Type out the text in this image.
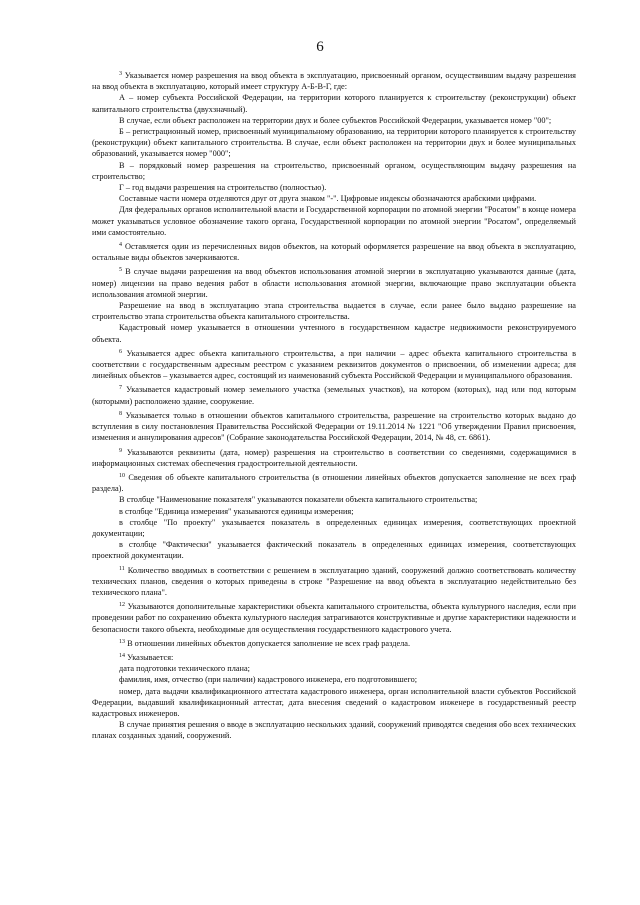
6

$^3$ Указывается номер разрешения на ввод объекта в эксплуатацию, присвоенный органом, осуществившим выдачу разрешения на ввод объекта в эксплуатацию, который имеет структуру А-Б-В-Г, где:

А – номер субъекта Российской Федерации, на территории которого планируется к строительству (реконструкции) объект капитального строительства (двухзначный).

В случае, если объект расположен на территории двух и более субъектов Российской Федерации, указывается номер "00";

Б – регистрационный номер, присвоенный муниципальному образованию, на территории которого планируется к строительству (реконструкции) объект капитального строительства. В случае, если объект расположен на территории двух и более муниципальных образований, указывается номер "000";

В – порядковый номер разрешения на строительство, присвоенный органом, осуществляющим выдачу разрешения на строительство;

Г – год выдачи разрешения на строительство (полностью).

Составные части номера отделяются друг от друга знаком "-". Цифровые индексы обозначаются арабскими цифрами.

Для федеральных органов исполнительной власти и Государственной корпорации по атомной энергии "Росатом" в конце номера может указываться условное обозначение такого органа, Государственной корпорации по атомной энергии "Росатом", определяемый ими самостоятельно.

$^4$ Оставляется один из перечисленных видов объектов, на который оформляется разрешение на ввод объекта в эксплуатацию, остальные виды объектов зачеркиваются.

$^5$ В случае выдачи разрешения на ввод объектов использования атомной энергии в эксплуатацию указываются данные (дата, номер) лицензии на право ведения работ в области использования атомной энергии, включающие право эксплуатации объекта использования атомной энергии.

Разрешение на ввод в эксплуатацию этапа строительства выдается в случае, если ранее было выдано разрешение на строительство этапа строительства объекта капитального строительства.

Кадастровый номер указывается в отношении учтенного в государственном кадастре недвижимости реконструируемого объекта.

$^6$ Указывается адрес объекта капитального строительства, а при наличии – адрес объекта капитального строительства в соответствии с государственным адресным реестром с указанием реквизитов документов о присвоении, об изменении адреса; для линейных объектов – указывается адрес, состоящий из наименований субъекта Российской Федерации и муниципального образования.

$^7$ Указывается кадастровый номер земельного участка (земельных участков), на котором (которых), над или под которым (которыми) расположено здание, сооружение.

$^8$ Указывается только в отношении объектов капитального строительства, разрешение на строительство которых выдано до вступления в силу постановления Правительства Российской Федерации от 19.11.2014 № 1221 "Об утверждении Правил присвоения, изменения и аннулирования адресов" (Собрание законодательства Российской Федерации, 2014, № 48, ст. 6861).

$^9$ Указываются реквизиты (дата, номер) разрешения на строительство в соответствии со сведениями, содержащимися в информационных системах обеспечения градостроительной деятельности.

$^{10}$ Сведения об объекте капитального строительства (в отношении линейных объектов допускается заполнение не всех граф раздела).

В столбце "Наименование показателя" указываются показатели объекта капитального строительства;

в столбце "Единица измерения" указываются единицы измерения;

в столбце "По проекту" указывается показатель в определенных единицах измерения, соответствующих проектной документации;

в столбце "Фактически" указывается фактический показатель в определенных единицах измерения, соответствующих проектной документации.

$^{11}$ Количество вводимых в соответствии с решением в эксплуатацию зданий, сооружений должно соответствовать количеству технических планов, сведения о которых приведены в строке "Разрешение на ввод объекта в эксплуатацию недействительно без технического плана".

$^{12}$ Указываются дополнительные характеристики объекта капитального строительства, объекта культурного наследия, если при проведении работ по сохранению объекта культурного наследия затрагиваются конструктивные и другие характеристики надежности и безопасности такого объекта, необходимые для осуществления государственного кадастрового учета.

$^{13}$ В отношении линейных объектов допускается заполнение не всех граф раздела.

$^{14}$ Указывается:

дата подготовки технического плана;

фамилия, имя, отчество (при наличии) кадастрового инженера, его подготовившего;

номер, дата выдачи квалификационного аттестата кадастрового инженера, орган исполнительной власти субъектов Российской Федерации, выдавший квалификационный аттестат, дата внесения сведений о кадастровом инженере в государственный реестр кадастровых инженеров.

В случае принятия решения о вводе в эксплуатацию нескольких зданий, сооружений приводятся сведения обо всех технических планах созданных зданий, сооружений.
